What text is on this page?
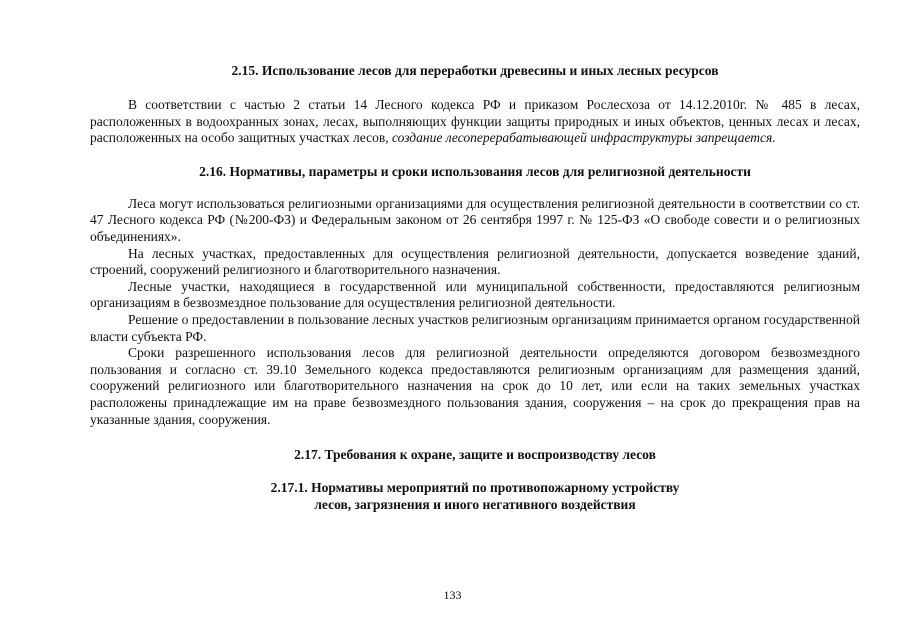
2.15. Использование лесов для переработки древесины и иных лесных ресурсов

В соответствии с частью 2 статьи 14 Лесного кодекса РФ и приказом Рослесхоза от 14.12.2010г. № 485 в лесах, расположенных в водоохранных зонах, лесах, выполняющих функции защиты природных и иных объектов, ценных лесах и лесах, расположенных на особо защитных участках лесов, создание лесоперерабатывающей инфраструктуры запрещается.

2.16. Нормативы, параметры и сроки использования лесов для религиозной деятельности

Леса могут использоваться религиозными организациями для осуществления религиозной деятельности в соответствии со ст. 47 Лесного кодекса РФ (№200-ФЗ) и Федеральным законом от 26 сентября 1997 г. № 125-ФЗ «О свободе совести и о религиозных объединениях».

На лесных участках, предоставленных для осуществления религиозной деятельности, допускается возведение зданий, строений, сооружений религиозного и благотворительного назначения.

Лесные участки, находящиеся в государственной или муниципальной собственности, предоставляются религиозным организациям в безвозмездное пользование для осуществления религиозной деятельности.

Решение о предоставлении в пользование лесных участков религиозным организациям принимается органом государственной власти субъекта РФ.

Сроки разрешенного использования лесов для религиозной деятельности определяются договором безвозмездного пользования и согласно ст. 39.10 Земельного кодекса предоставляются религиозным организациям для размещения зданий, сооружений религиозного или благотворительного назначения на срок до 10 лет, или если на таких земельных участках расположены принадлежащие им на праве безвозмездного пользования здания, сооружения – на срок до прекращения прав на указанные здания, сооружения.

2.17. Требования к охране, защите и воспроизводству лесов

2.17.1. Нормативы мероприятий по противопожарному устройству

лесов, загрязнения и иного негативного воздействия

133
